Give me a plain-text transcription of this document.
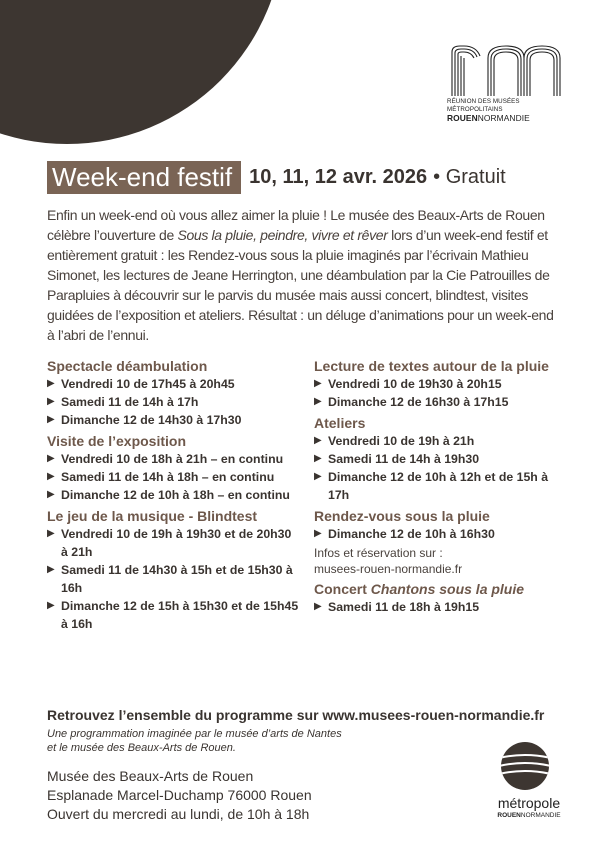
RÉUNION DES MUSÉES MÉTROPOLITAINS
ROUENNORMANDIE
Week-end festif 10, 11, 12 avr. 2026 • Gratuit

Enfin un week-end où vous allez aimer la pluie ! Le musée des Beaux-Arts de Rouen célèbre l’ouverture de Sous la pluie, peindre, vivre et rêver lors d’un week-end festif et entièrement gratuit : les Rendez-vous sous la pluie imaginés par l’écrivain Mathieu Simonet, les lectures de Jeane Herrington, une déambulation par la Cie Patrouilles de Parapluies à découvrir sur le parvis du musée mais aussi concert, blindtest, visites guidées de l’exposition et ateliers. Résultat : un déluge d’animations pour un week-end à l’abri de l’ennui.

Spectacle déambulation
▶ Vendredi 10 de 17h45 à 20h45
▶ Samedi 11 de 14h à 17h
▶ Dimanche 12 de 14h30 à 17h30
Visite de l’exposition
▶ Vendredi 10 de 18h à 21h – en continu
▶ Samedi 11 de 14h à 18h – en continu
▶ Dimanche 12 de 10h à 18h – en continu
Le jeu de la musique - Blindtest
▶ Vendredi 10 de 19h à 19h30 et de 20h30 à 21h
▶ Samedi 11 de 14h30 à 15h et de 15h30 à 16h
▶ Dimanche 12 de 15h à 15h30 et de 15h45 à 16h
Lecture de textes autour de la pluie
▶ Vendredi 10 de 19h30 à 20h15
▶ Dimanche 12 de 16h30 à 17h15
Ateliers
▶ Vendredi 10 de 19h à 21h
▶ Samedi 11 de 14h à 19h30
▶ Dimanche 12 de 10h à 12h et de 15h à 17h
Rendez-vous sous la pluie
▶ Dimanche 12 de 10h à 16h30
Infos et réservation sur :
musees-rouen-normandie.fr
Concert Chantons sous la pluie
▶ Samedi 11 de 18h à 19h15
Retrouvez l’ensemble du programme sur www.musees-rouen-normandie.fr
Une programmation imaginée par le musée d’arts de Nantes
et le musée des Beaux-Arts de Rouen.
Musée des Beaux-Arts de Rouen
Esplanade Marcel-Duchamp 76000 Rouen
Ouvert du mercredi au lundi, de 10h à 18h
métropole
ROUENNORMANDIE
